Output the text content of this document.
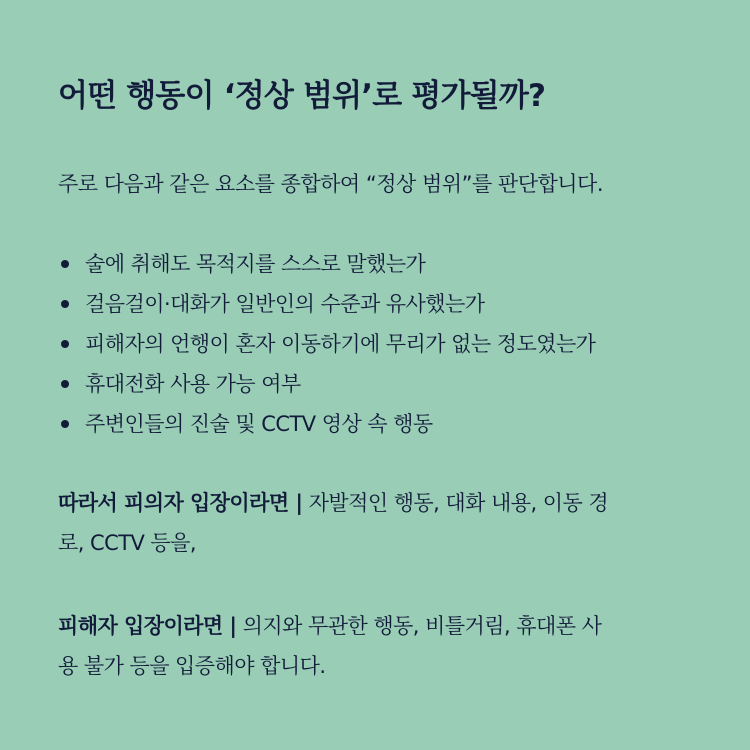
어떤 행동이 ‘정상 범위’로 평가될까?
주로 다음과 같은 요소를 종합하여 “정상 범위”를 판단합니다.
술에 취해도 목적지를 스스로 말했는가
걸음걸이·대화가 일반인의 수준과 유사했는가
피해자의 언행이 혼자 이동하기에 무리가 없는 정도였는가
휴대전화 사용 가능 여부
주변인들의 진술 및 CCTV 영상 속 행동
따라서 피의자 입장이라면 | 자발적인 행동, 대화 내용, 이동 경
로, CCTV 등을,
피해자 입장이라면 | 의지와 무관한 행동, 비틀거림, 휴대폰 사
용 불가 등을 입증해야 합니다.
